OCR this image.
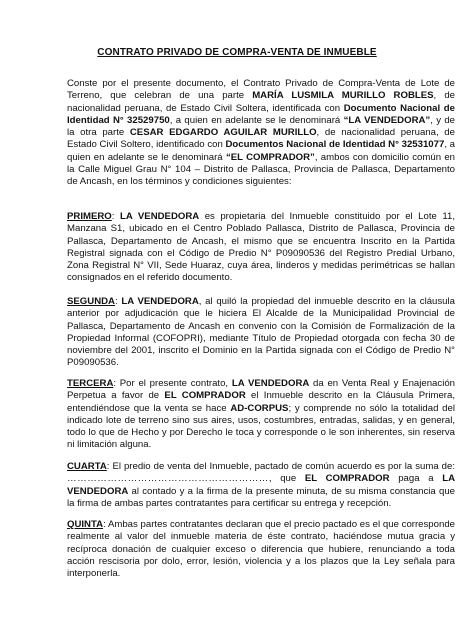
CONTRATO PRIVADO DE COMPRA-VENTA DE INMUEBLE

Conste por el presente documento, el Contrato Privado de Compra-Venta de Lote de Terreno, que celebran de una parte MARÍA LUSMILA MURILLO ROBLES, de nacionalidad peruana, de Estado Civil Soltera, identificada con Documento Nacional de Identidad N° 32529750, a quien en adelante se le denominará “LA VENDEDORA”, y de la otra parte CESAR EDGARDO AGUILAR MURILLO, de nacionalidad peruana, de Estado Civil Soltero, identificado con Documentos Nacional de Identidad N° 32531077, a quien en adelante se le denominará “EL COMPRADOR”, ambos con domicilio común en la Calle Miguel Grau N° 104 – Distrito de Pallasca, Provincia de Pallasca, Departamento de Ancash, en los términos y condiciones siguientes:

PRIMERO: LA VENDEDORA es propietaria del Inmueble constituido por el Lote 11, Manzana S1, ubicado en el Centro Poblado Pallasca, Distrito de Pallasca, Provincia de Pallasca, Departamento de Ancash, el mismo que se encuentra Inscrito en la Partida Registral signada con el Código de Predio N° P09090536 del Registro Predial Urbano, Zona Registral N° VII, Sede Huaraz, cuya área, linderos y medidas perimétricas se hallan consignados en el referido documento.

SEGUNDA: LA VENDEDORA, al quiló la propiedad del inmueble descrito en la cláusula anterior por adjudicación que le hiciera El Alcalde de la Municipalidad Provincial de Pallasca, Departamento de Ancash en convenio con la Comisión de Formalización de la Propiedad Informal (COFOPRI), mediante Título de Propiedad otorgada con fecha 30 de noviembre del 2001, inscrito el Dominio en la Partida signada con el Código de Predio N° P09090536.

TERCERA: Por el presente contrato, LA VENDEDORA da en Venta Real y Enajenación Perpetua a favor de EL COMPRADOR el Inmueble descrito en la Cláusula Primera, entendiéndose que la venta se hace AD-CORPUS; y comprende no sólo la totalidad del indicado lote de terreno sino sus aires, usos, costumbres, entradas, salidas, y en general, todo lo que de Hecho y por Derecho le toca y corresponde o le son inherentes, sin reserva ni limitación alguna.

CUARTA: El predio de venta del Inmueble, pactado de común acuerdo es por la suma de: ……………………………………………………, que EL COMPRADOR paga a LA VENDEDORA al contado y a la firma de la presente minuta, de su misma constancia que la firma de ambas partes contratantes para certificar su entrega y recepción.

QUINTA: Ambas partes contratantes declaran que el precio pactado es el que corresponde realmente al valor del inmueble materia de éste contrato, haciéndose mutua gracia y recíproca donación de cualquier exceso o diferencia que hubiere, renunciando a toda acción rescisoria por dolo, error, lesión, violencia y a los plazos que la Ley señala para interponerla.
